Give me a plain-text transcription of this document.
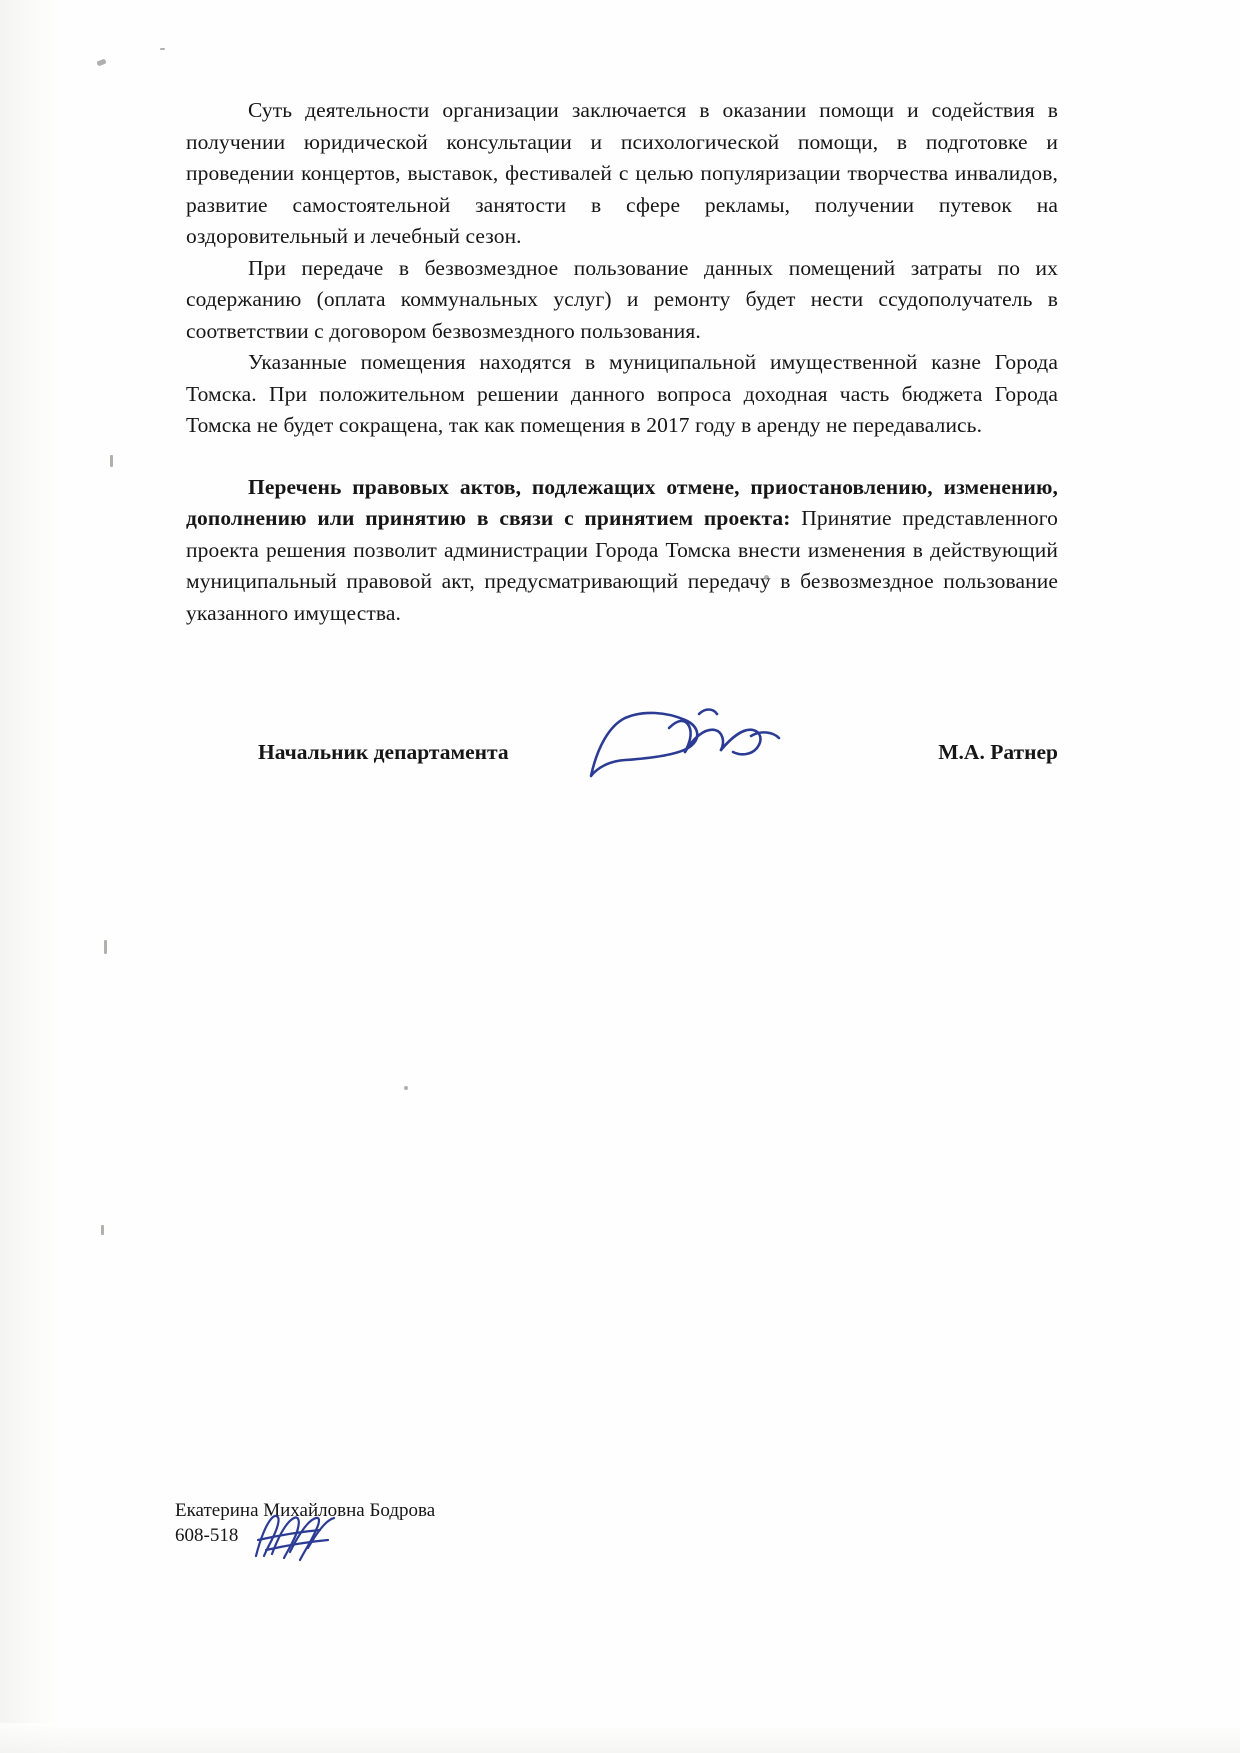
Суть деятельности организации заключается в оказании помощи и содействия в получении юридической консультации и психологической помощи, в подготовке и проведении концертов, выставок, фестивалей с целью популяризации творчества инвалидов, развитие самостоятельной занятости в сфере рекламы, получении путевок на оздоровительный и лечебный сезон.

При передаче в безвозмездное пользование данных помещений затраты по их содержанию (оплата коммунальных услуг) и ремонту будет нести ссудополучатель в соответствии с договором безвозмездного пользования.

Указанные помещения находятся в муниципальной имущественной казне Города Томска. При положительном решении данного вопроса доходная часть бюджета Города Томска не будет сокращена, так как помещения в 2017 году в аренду не передавались.

Перечень правовых актов, подлежащих отмене, приостановлению, изменению, дополнению или принятию в связи с принятием проекта: Принятие представленного проекта решения позволит администрации Города Томска внести изменения в действующий муниципальный правовой акт, предусматривающий передачу в безвозмездное пользование указанного имущества.

Начальник департамента	М.А. Ратнер
Екатерина Михайловна Бодрова
608-518
